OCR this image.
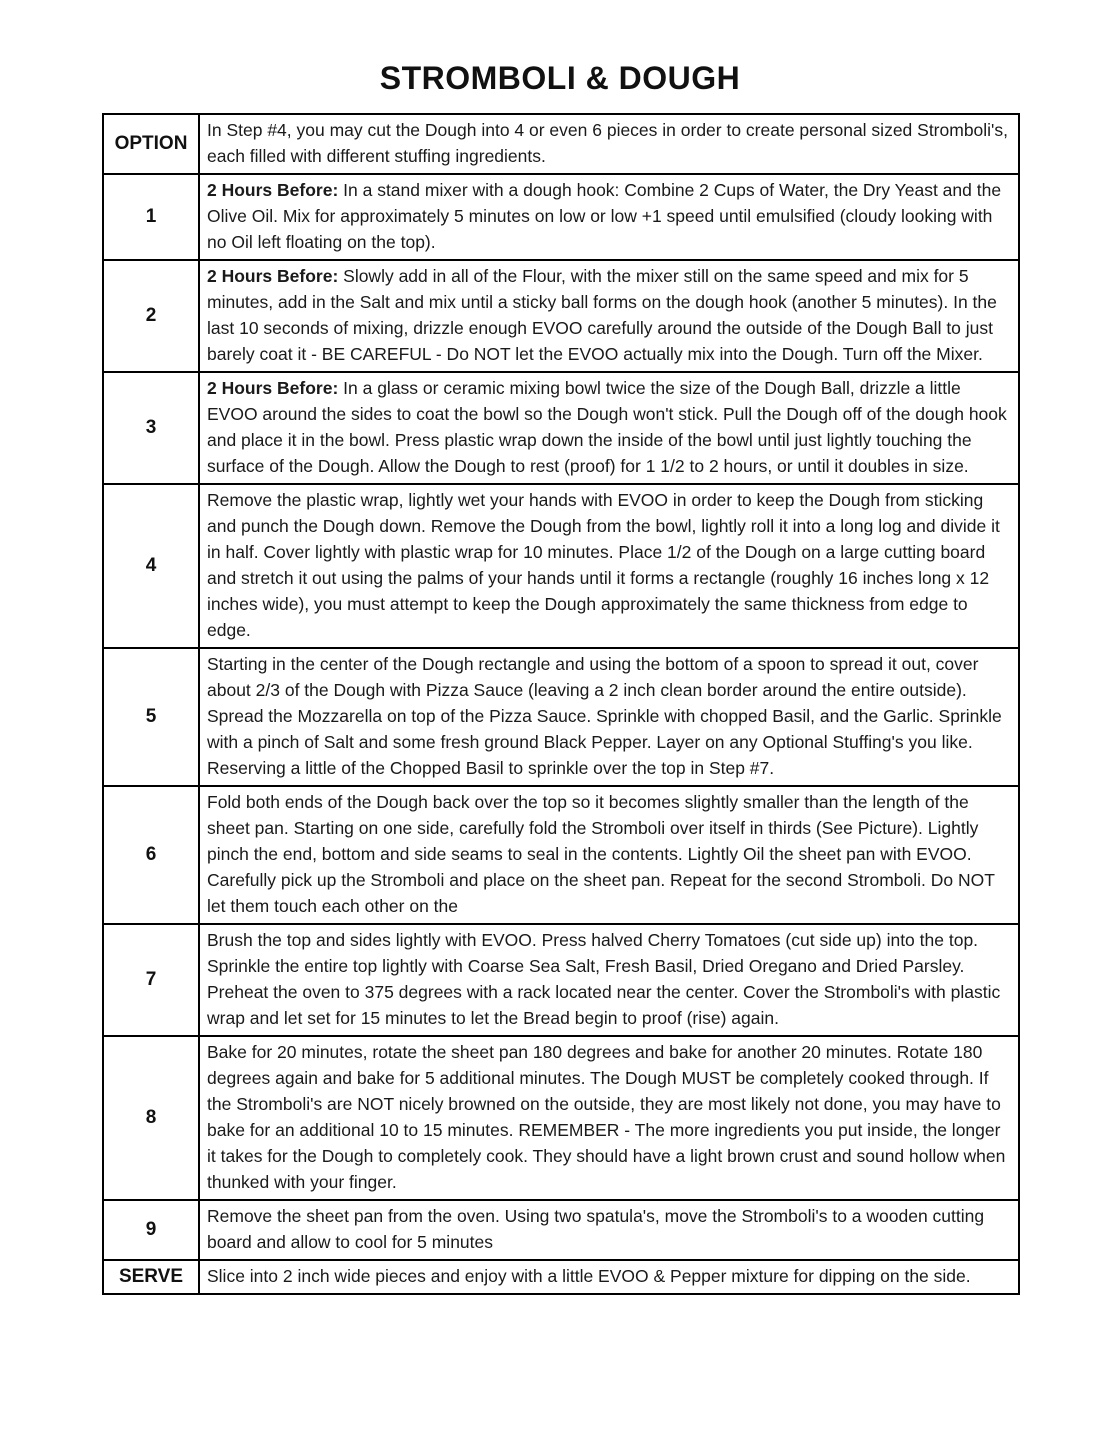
STROMBOLI & DOUGH
OPTION
In Step #4, you may cut the Dough into 4 or even 6 pieces in order to create personal sized Stromboli's, each filled with different stuffing ingredients.
1
2 Hours Before: In a stand mixer with a dough hook: Combine 2 Cups of Water, the Dry Yeast and the Olive Oil. Mix for approximately 5 minutes on low or low +1 speed until emulsified (cloudy looking with no Oil left floating on the top).
2
2 Hours Before: Slowly add in all of the Flour, with the mixer still on the same speed and mix for 5 minutes, add in the Salt and mix until a sticky ball forms on the dough hook (another 5 minutes). In the last 10 seconds of mixing, drizzle enough EVOO carefully around the outside of the Dough Ball to just barely coat it - BE CAREFUL - Do NOT let the EVOO actually mix into the Dough. Turn off the Mixer.
3
2 Hours Before: In a glass or ceramic mixing bowl twice the size of the Dough Ball, drizzle a little EVOO around the sides to coat the bowl so the Dough won't stick. Pull the Dough off of the dough hook and place it in the bowl. Press plastic wrap down the inside of the bowl until just lightly touching the surface of the Dough. Allow the Dough to rest (proof) for 1 1/2 to 2 hours, or until it doubles in size.
4
Remove the plastic wrap, lightly wet your hands with EVOO in order to keep the Dough from sticking and punch the Dough down. Remove the Dough from the bowl, lightly roll it into a long log and divide it in half. Cover lightly with plastic wrap for 10 minutes. Place 1/2 of the Dough on a large cutting board and stretch it out using the palms of your hands until it forms a rectangle (roughly 16 inches long x 12 inches wide), you must attempt to keep the Dough approximately the same thickness from edge to edge.
5
Starting in the center of the Dough rectangle and using the bottom of a spoon to spread it out, cover about 2/3 of the Dough with Pizza Sauce (leaving a 2 inch clean border around the entire outside). Spread the Mozzarella on top of the Pizza Sauce. Sprinkle with chopped Basil, and the Garlic. Sprinkle with a pinch of Salt and some fresh ground Black Pepper. Layer on any Optional Stuffing's you like. Reserving a little of the Chopped Basil to sprinkle over the top in Step #7.
6
Fold both ends of the Dough back over the top so it becomes slightly smaller than the length of the sheet pan. Starting on one side, carefully fold the Stromboli over itself in thirds (See Picture). Lightly pinch the end, bottom and side seams to seal in the contents. Lightly Oil the sheet pan with EVOO. Carefully pick up the Stromboli and place on the sheet pan. Repeat for the second Stromboli. Do NOT let them touch each other on the
7
Brush the top and sides lightly with EVOO. Press halved Cherry Tomatoes (cut side up) into the top. Sprinkle the entire top lightly with Coarse Sea Salt, Fresh Basil, Dried Oregano and Dried Parsley. Preheat the oven to 375 degrees with a rack located near the center. Cover the Stromboli's with plastic wrap and let set for 15 minutes to let the Bread begin to proof (rise) again.
8
Bake for 20 minutes, rotate the sheet pan 180 degrees and bake for another 20 minutes. Rotate 180 degrees again and bake for 5 additional minutes. The Dough MUST be completely cooked through. If the Stromboli's are NOT nicely browned on the outside, they are most likely not done, you may have to bake for an additional 10 to 15 minutes. REMEMBER - The more ingredients you put inside, the longer it takes for the Dough to completely cook. They should have a light brown crust and sound hollow when thunked with your finger.
9
Remove the sheet pan from the oven. Using two spatula's, move the Stromboli's to a wooden cutting board and allow to cool for 5 minutes
SERVE	Slice into 2 inch wide pieces and enjoy with a little EVOO & Pepper mixture for dipping on the side.
